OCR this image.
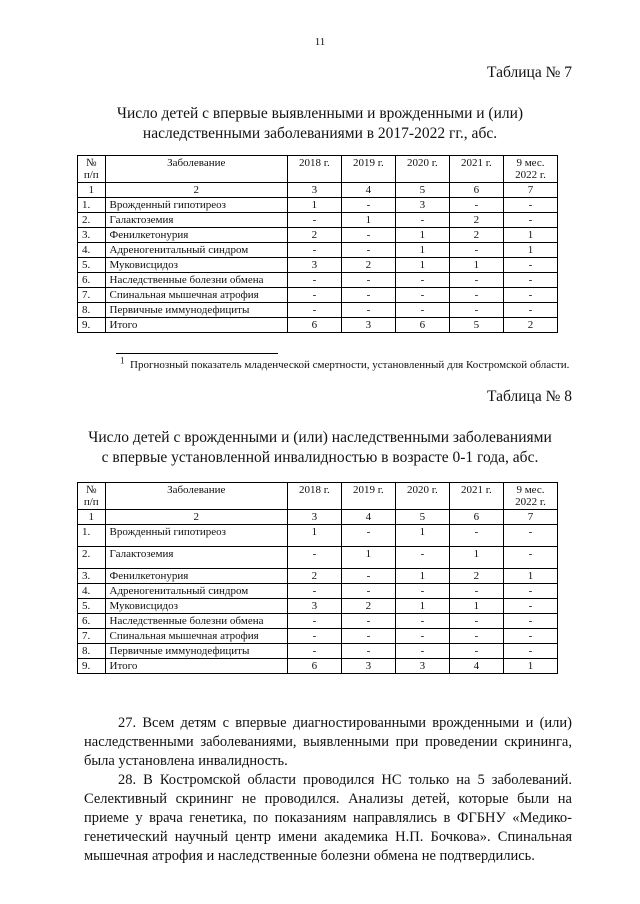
11
Таблица № 7
Число детей с впервые выявленными и врожденными и (или)
наследственными заболеваниями в 2017-2022 гг., абс.
№ п/п	Заболевание	2018 г.	2019 г.	2020 г.	2021 г.	9 мес. 2022 г.
1	2	3	4	5	6	7
1.	Врожденный гипотиреоз	1	-	3	-	-
2.	Галактоземия	-	1	-	2	-
3.	Фенилкетонурия	2	-	1	2	1
4.	Адреногенитальный синдром	-	-	1	-	1
5.	Муковисцидоз	3	2	1	1	-
6.	Наследственные болезни обмена	-	-	-	-	-
7.	Спинальная мышечная атрофия	-	-	-	-	-
8.	Первичные иммунодефициты	-	-	-	-	-
9.	Итого	6	3	6	5	2
$^1$ Прогнозный показатель младенческой смертности, установленный для Костромской области.
Таблица № 8
Число детей с врожденными и (или) наследственными заболеваниями
с впервые установленной инвалидностью в возрасте 0-1 года, абс.
№ п/п	Заболевание	2018 г.	2019 г.	2020 г.	2021 г.	9 мес. 2022 г.
1	2	3	4	5	6	7
1.	Врожденный гипотиреоз	1	-	1	-	-
2.	Галактоземия	-	1	-	1	-
3.	Фенилкетонурия	2	-	1	2	1
4.	Адреногенитальный синдром	-	-	-	-	-
5.	Муковисцидоз	3	2	1	1	-
6.	Наследственные болезни обмена	-	-	-	-	-
7.	Спинальная мышечная атрофия	-	-	-	-	-
8.	Первичные иммунодефициты	-	-	-	-	-
9.	Итого	6	3	3	4	1

27. Всем детям с впервые диагностированными врожденными и (или) наследственными заболеваниями, выявленными при проведении скрининга, была установлена инвалидность.

28. В Костромской области проводился НС только на 5 заболеваний. Селективный скрининг не проводился. Анализы детей, которые были на приеме у врача генетика, по показаниям направлялись в ФГБНУ «Медико-генетический научный центр имени академика Н.П. Бочкова». Спинальная мышечная атрофия и наследственные болезни обмена не подтвердились.
